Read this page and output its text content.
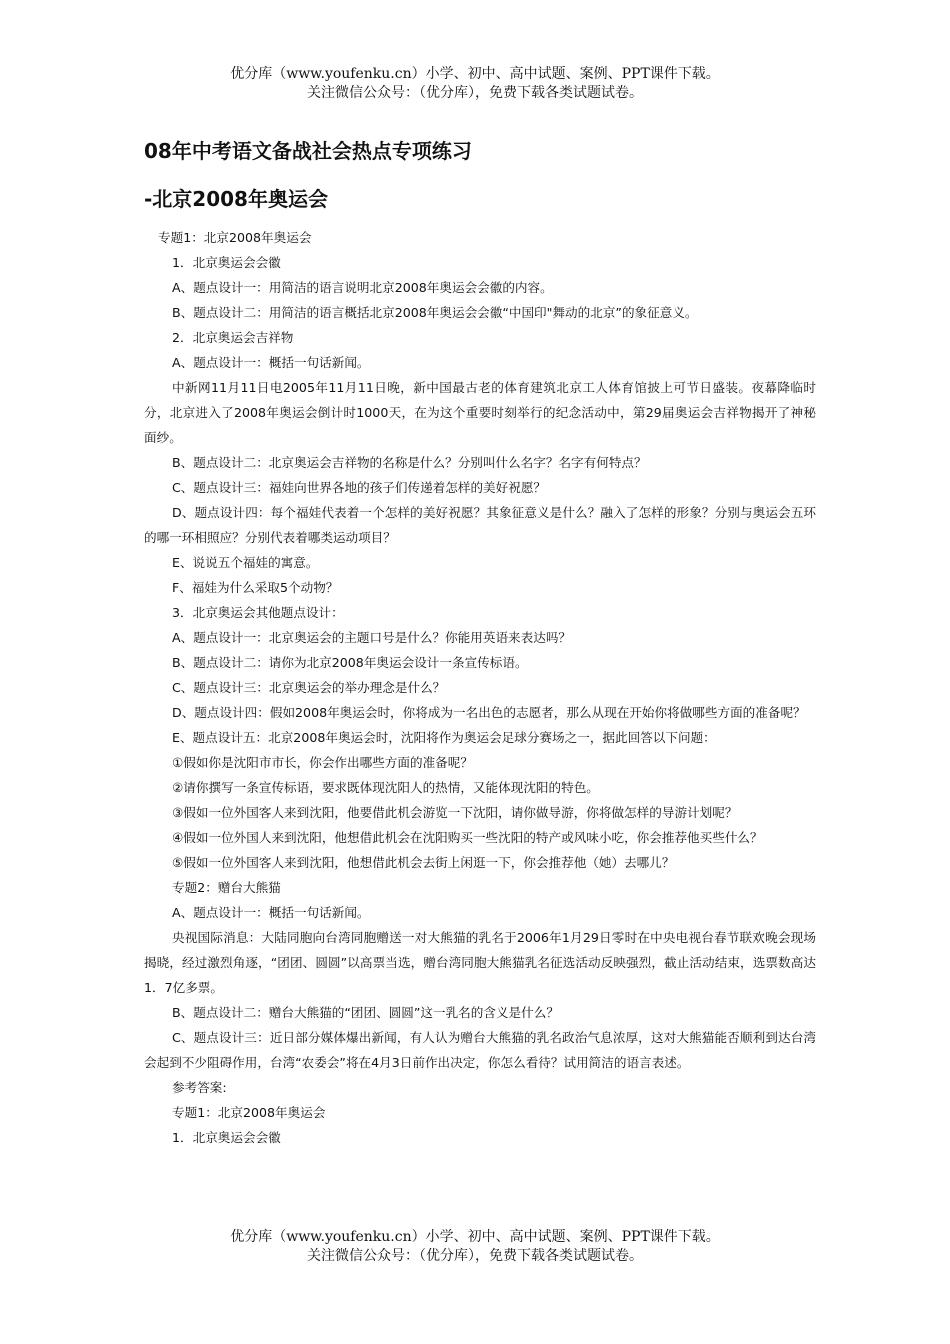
优分库（www.youfenku.cn）小学、初中、高中试题、案例、PPT课件下载。
关注微信公众号：（优分库），免费下载各类试题试卷。
08年中考语文备战社会热点专项练习
-北京2008年奥运会

专题1：北京2008年奥运会

1．北京奥运会会徽

A、题点设计一：用简洁的语言说明北京2008年奥运会会徽的内容。

B、题点设计二：用简洁的语言概括北京2008年奥运会会徽“中国印"舞动的北京”的象征意义。

2．北京奥运会吉祥物

A、题点设计一：概括一句话新闻。

中新网11月11日电2005年11月11日晚，新中国最古老的体育建筑北京工人体育馆披上可节日盛装。夜幕降临时分，北京进入了2008年奥运会倒计时1000天，在为这个重要时刻举行的纪念活动中，第29届奥运会吉祥物揭开了神秘面纱。

B、题点设计二：北京奥运会吉祥物的名称是什么？分别叫什么名字？名字有何特点？

C、题点设计三：福娃向世界各地的孩子们传递着怎样的美好祝愿？

D、题点设计四：每个福娃代表着一个怎样的美好祝愿？其象征意义是什么？融入了怎样的形象？分别与奥运会五环的哪一环相照应？分别代表着哪类运动项目？

E、说说五个福娃的寓意。

F、福娃为什么采取5个动物？

3．北京奥运会其他题点设计：

A、题点设计一：北京奥运会的主题口号是什么？你能用英语来表达吗？

B、题点设计二：请你为北京2008年奥运会设计一条宣传标语。

C、题点设计三：北京奥运会的举办理念是什么？

D、题点设计四：假如2008年奥运会时，你将成为一名出色的志愿者，那么从现在开始你将做哪些方面的准备呢？

E、题点设计五：北京2008年奥运会时，沈阳将作为奥运会足球分赛场之一，据此回答以下问题：

①假如你是沈阳市市长，你会作出哪些方面的准备呢？

②请你撰写一条宣传标语，要求既体现沈阳人的热情，又能体现沈阳的特色。

③假如一位外国客人来到沈阳，他要借此机会游览一下沈阳，请你做导游，你将做怎样的导游计划呢？

④假如一位外国人来到沈阳，他想借此机会在沈阳购买一些沈阳的特产或风味小吃，你会推荐他买些什么？

⑤假如一位外国客人来到沈阳，他想借此机会去街上闲逛一下，你会推荐他（她）去哪儿？

专题2：赠台大熊猫

A、题点设计一：概括一句话新闻。

央视国际消息：大陆同胞向台湾同胞赠送一对大熊猫的乳名于2006年1月29日零时在中央电视台春节联欢晚会现场揭晓，经过激烈角逐，“团团、圆圆”以高票当选，赠台湾同胞大熊猫乳名征选活动反映强烈，截止活动结束，选票数高达1．7亿多票。

B、题点设计二：赠台大熊猫的“团团、圆圆”这一乳名的含义是什么？

C、题点设计三：近日部分媒体爆出新闻，有人认为赠台大熊猫的乳名政治气息浓厚，这对大熊猫能否顺利到达台湾会起到不少阻碍作用，台湾“农委会”将在4月3日前作出决定，你怎么看待？试用简洁的语言表述。

参考答案:

专题1：北京2008年奥运会

1．北京奥运会会徽

优分库（www.youfenku.cn）小学、初中、高中试题、案例、PPT课件下载。
关注微信公众号：（优分库），免费下载各类试题试卷。
